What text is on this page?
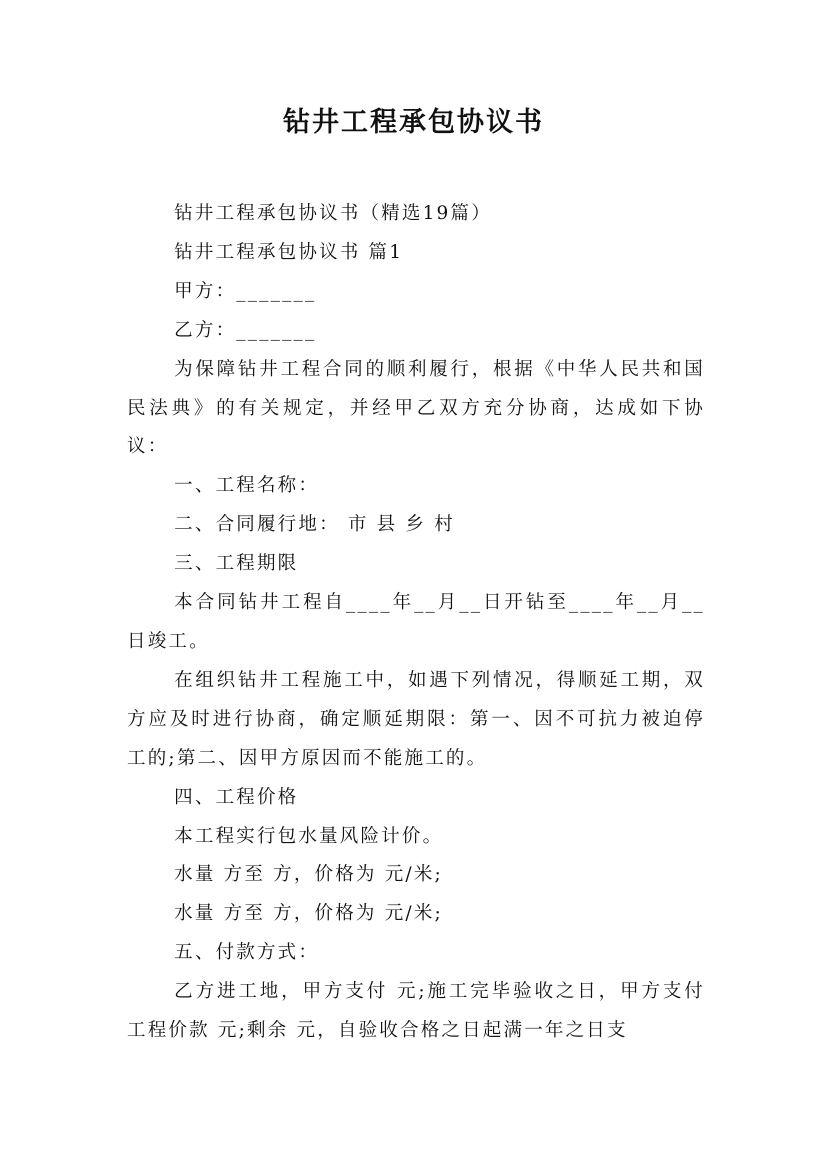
钻井工程承包协议书

钻井工程承包协议书（精选19篇）

钻井工程承包协议书 篇1

甲方：_______

乙方：_______

为保障钻井工程合同的顺利履行，根据《中华人民共和国民法典》的有关规定，并经甲乙双方充分协商，达成如下协议：

一、工程名称：

二、合同履行地： 市 县 乡 村

三、工程期限

本合同钻井工程自____年__月__日开钻至____年__月__日竣工。

在组织钻井工程施工中，如遇下列情况，得顺延工期，双方应及时进行协商，确定顺延期限：第一、因不可抗力被迫停工的;第二、因甲方原因而不能施工的。

四、工程价格

本工程实行包水量风险计价。

水量 方至 方，价格为 元/米;

水量 方至 方，价格为 元/米;

五、付款方式：

乙方进工地，甲方支付 元;施工完毕验收之日，甲方支付工程价款 元;剩余 元，自验收合格之日起满一年之日支
